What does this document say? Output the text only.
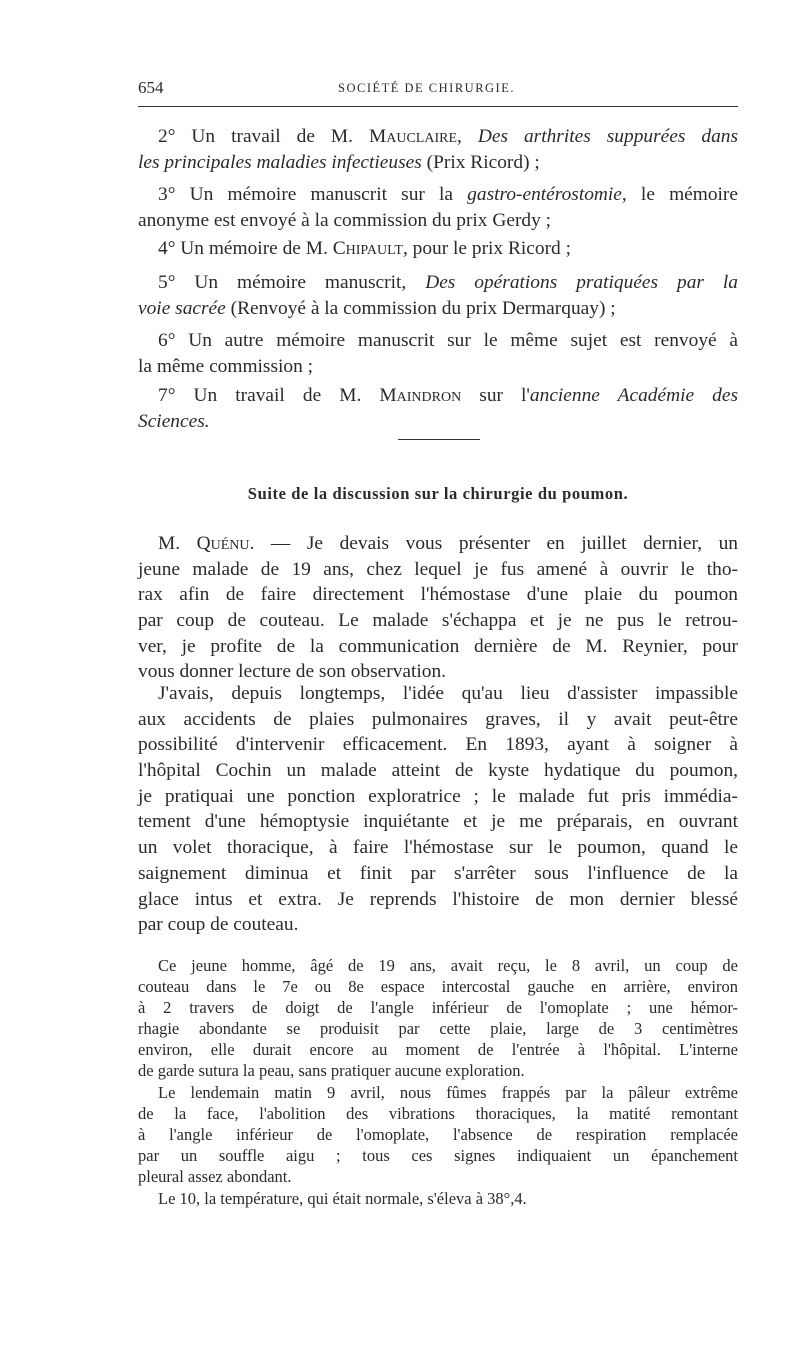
654	SOCIÉTÉ DE CHIRURGIE.
2° Un travail de M. Mauclaire, Des arthrites suppurées dans
les principales maladies infectieuses (Prix Ricord) ;
3° Un mémoire manuscrit sur la gastro-entérostomie, le mémoire
anonyme est envoyé à la commission du prix Gerdy ;
4° Un mémoire de M. Chipault, pour le prix Ricord ;
5° Un mémoire manuscrit, Des opérations pratiquées par la
voie sacrée (Renvoyé à la commission du prix Dermarquay) ;
6° Un autre mémoire manuscrit sur le même sujet est renvoyé à
la même commission ;
7° Un travail de M. Maindron sur l'ancienne Académie des
Sciences.
Suite de la discussion sur la chirurgie du poumon.
M. Quénu. — Je devais vous présenter en juillet dernier, un
jeune malade de 19 ans, chez lequel je fus amené à ouvrir le tho-
rax afin de faire directement l'hémostase d'une plaie du poumon
par coup de couteau. Le malade s'échappa et je ne pus le retrou-
ver, je profite de la communication dernière de M. Reynier, pour
vous donner lecture de son observation.
J'avais, depuis longtemps, l'idée qu'au lieu d'assister impassible
aux accidents de plaies pulmonaires graves, il y avait peut-être
possibilité d'intervenir efficacement. En 1893, ayant à soigner à
l'hôpital Cochin un malade atteint de kyste hydatique du poumon,
je pratiquai une ponction exploratrice ; le malade fut pris immédia-
tement d'une hémoptysie inquiétante et je me préparais, en ouvrant
un volet thoracique, à faire l'hémostase sur le poumon, quand le
saignement diminua et finit par s'arrêter sous l'influence de la
glace intus et extra. Je reprends l'histoire de mon dernier blessé
par coup de couteau.
Ce jeune homme, âgé de 19 ans, avait reçu, le 8 avril, un coup de
couteau dans le 7e ou 8e espace intercostal gauche en arrière, environ
à 2 travers de doigt de l'angle inférieur de l'omoplate ; une hémor-
rhagie abondante se produisit par cette plaie, large de 3 centimètres
environ, elle durait encore au moment de l'entrée à l'hôpital. L'interne
de garde sutura la peau, sans pratiquer aucune exploration.
Le lendemain matin 9 avril, nous fûmes frappés par la pâleur extrême
de la face, l'abolition des vibrations thoraciques, la matité remontant
à l'angle inférieur de l'omoplate, l'absence de respiration remplacée
par un souffle aigu ; tous ces signes indiquaient un épanchement
pleural assez abondant.
Le 10, la température, qui était normale, s'éleva à 38°,4.
